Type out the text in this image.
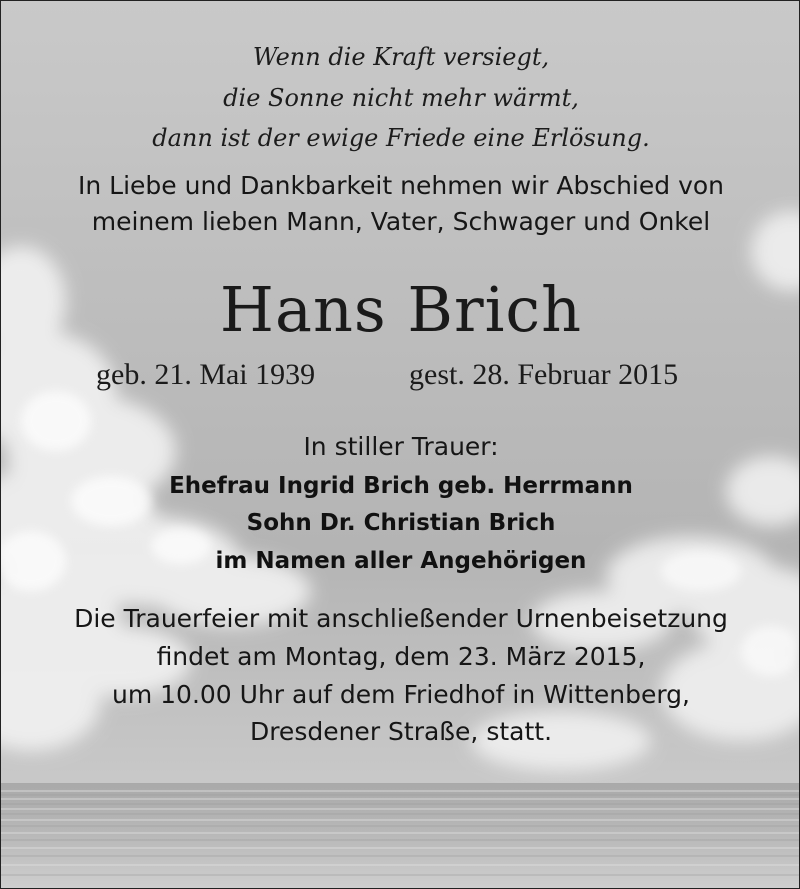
Wenn die Kraft versiegt,

die Sonne nicht mehr wärmt,

dann ist der ewige Friede eine Erlösung.

In Liebe und Dankbarkeit nehmen wir Abschied von

meinem lieben Mann, Vater, Schwager und Onkel

Hans Brich

geb. 21. Mai 1939	gest. 28. Februar 2015

In stiller Trauer:

Ehefrau Ingrid Brich geb. Herrmann

Sohn Dr. Christian Brich

im Namen aller Angehörigen

Die Trauerfeier mit anschließender Urnenbeisetzung

findet am Montag, dem 23. März 2015,

um 10.00 Uhr auf dem Friedhof in Wittenberg,

Dresdener Straße, statt.
